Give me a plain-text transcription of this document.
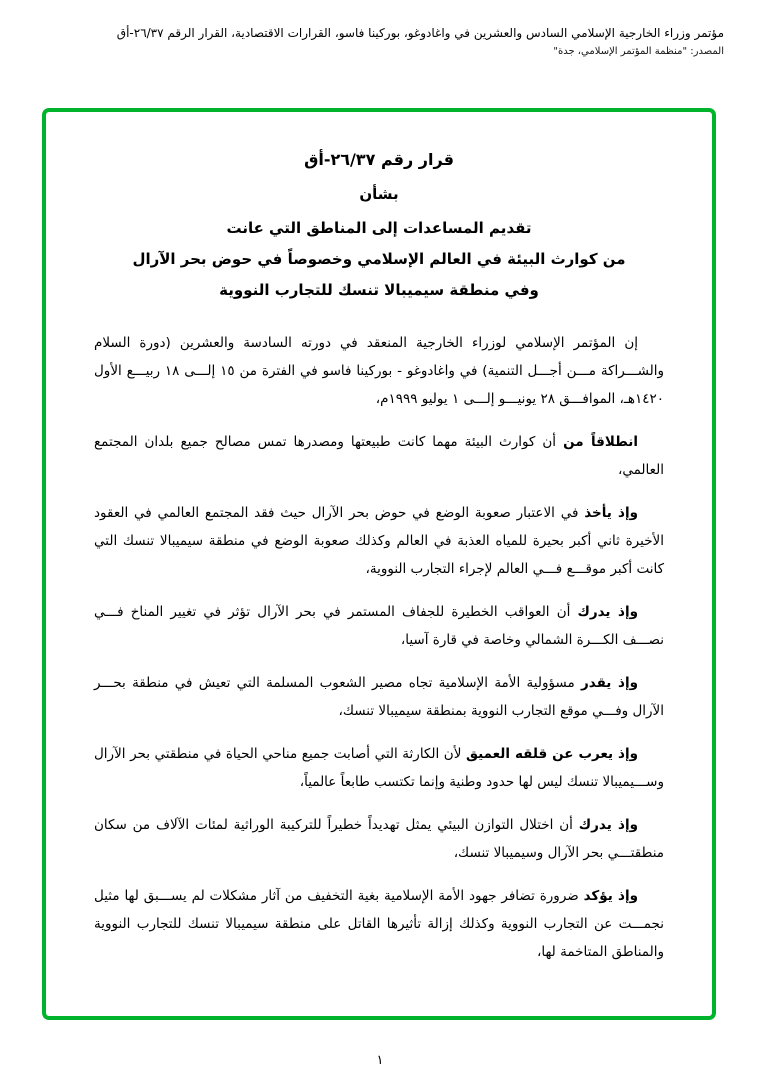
مؤتمر وزراء الخارجية الإسلامي السادس والعشرين في واغادوغو، بوركينا فاسو، القرارات الاقتصادية، القرار الرقم ٢٦/٣٧-أق
المصدر: "منظمة المؤتمر الإسلامي، جدة"
قرار رقم ٢٦/٣٧-أق
بشأن
تقديم المساعدات إلى المناطق التي عانت
من كوارث البيئة في العالم الإسلامي وخصوصاً في حوض بحر الآرال
وفي منطقة سيميبالا تنسك للتجارب النووية

إن المؤتمر الإسلامي لوزراء الخارجية المنعقد في دورته السادسة والعشرين (دورة السلام والشـــراكة مـــن أجـــل التنمية) في واغادوغو - بوركينا فاسو في الفترة من ١٥ إلـــى ١٨ ربيـــع الأول ١٤٢٠هـ، الموافـــق ٢٨ يونيـــو إلـــى ١ يوليو ١٩٩٩م،

انطلاقاً من أن كوارث البيئة مهما كانت طبيعتها ومصدرها تمس مصالح جميع بلدان المجتمع العالمي،

وإذ يأخذ في الاعتبار صعوبة الوضع في حوض بحر الآرال حيث فقد المجتمع العالمي في العقود الأخيرة ثاني أكبر بحيرة للمياه العذبة في العالم وكذلك صعوبة الوضع في منطقة سيميبالا تنسك التي كانت أكبر موقـــع فـــي العالم لإجراء التجارب النووية،

وإذ يدرك أن العواقب الخطيرة للجفاف المستمر في بحر الآرال تؤثر في تغيير المناخ فـــي نصـــف الكـــرة الشمالي وخاصة في قارة آسيا،

وإذ يقدر مسؤولية الأمة الإسلامية تجاه مصير الشعوب المسلمة التي تعيش في منطقة بحـــر الآرال وفـــي موقع التجارب النووية بمنطقة سيميبالا تنسك،

وإذ يعرب عن قلقه العميق لأن الكارثة التي أصابت جميع مناحي الحياة في منطقتي بحر الآرال وســـيميبالا تنسك ليس لها حدود وطنية وإنما تكتسب طابعاً عالمياً،

وإذ يدرك أن اختلال التوازن البيئي يمثل تهديداً خطيراً للتركيبة الوراثية لمئات الآلاف من سكان منطقتـــي بحر الآرال وسيميبالا تنسك،

وإذ يؤكد ضرورة تضافر جهود الأمة الإسلامية بغية التخفيف من آثار مشكلات لم يســـبق لها مثيل نجمـــت عن التجارب النووية وكذلك إزالة تأثيرها القاتل على منطقة سيميبالا تنسك للتجارب النووية والمناطق المتاخمة لها،

١
